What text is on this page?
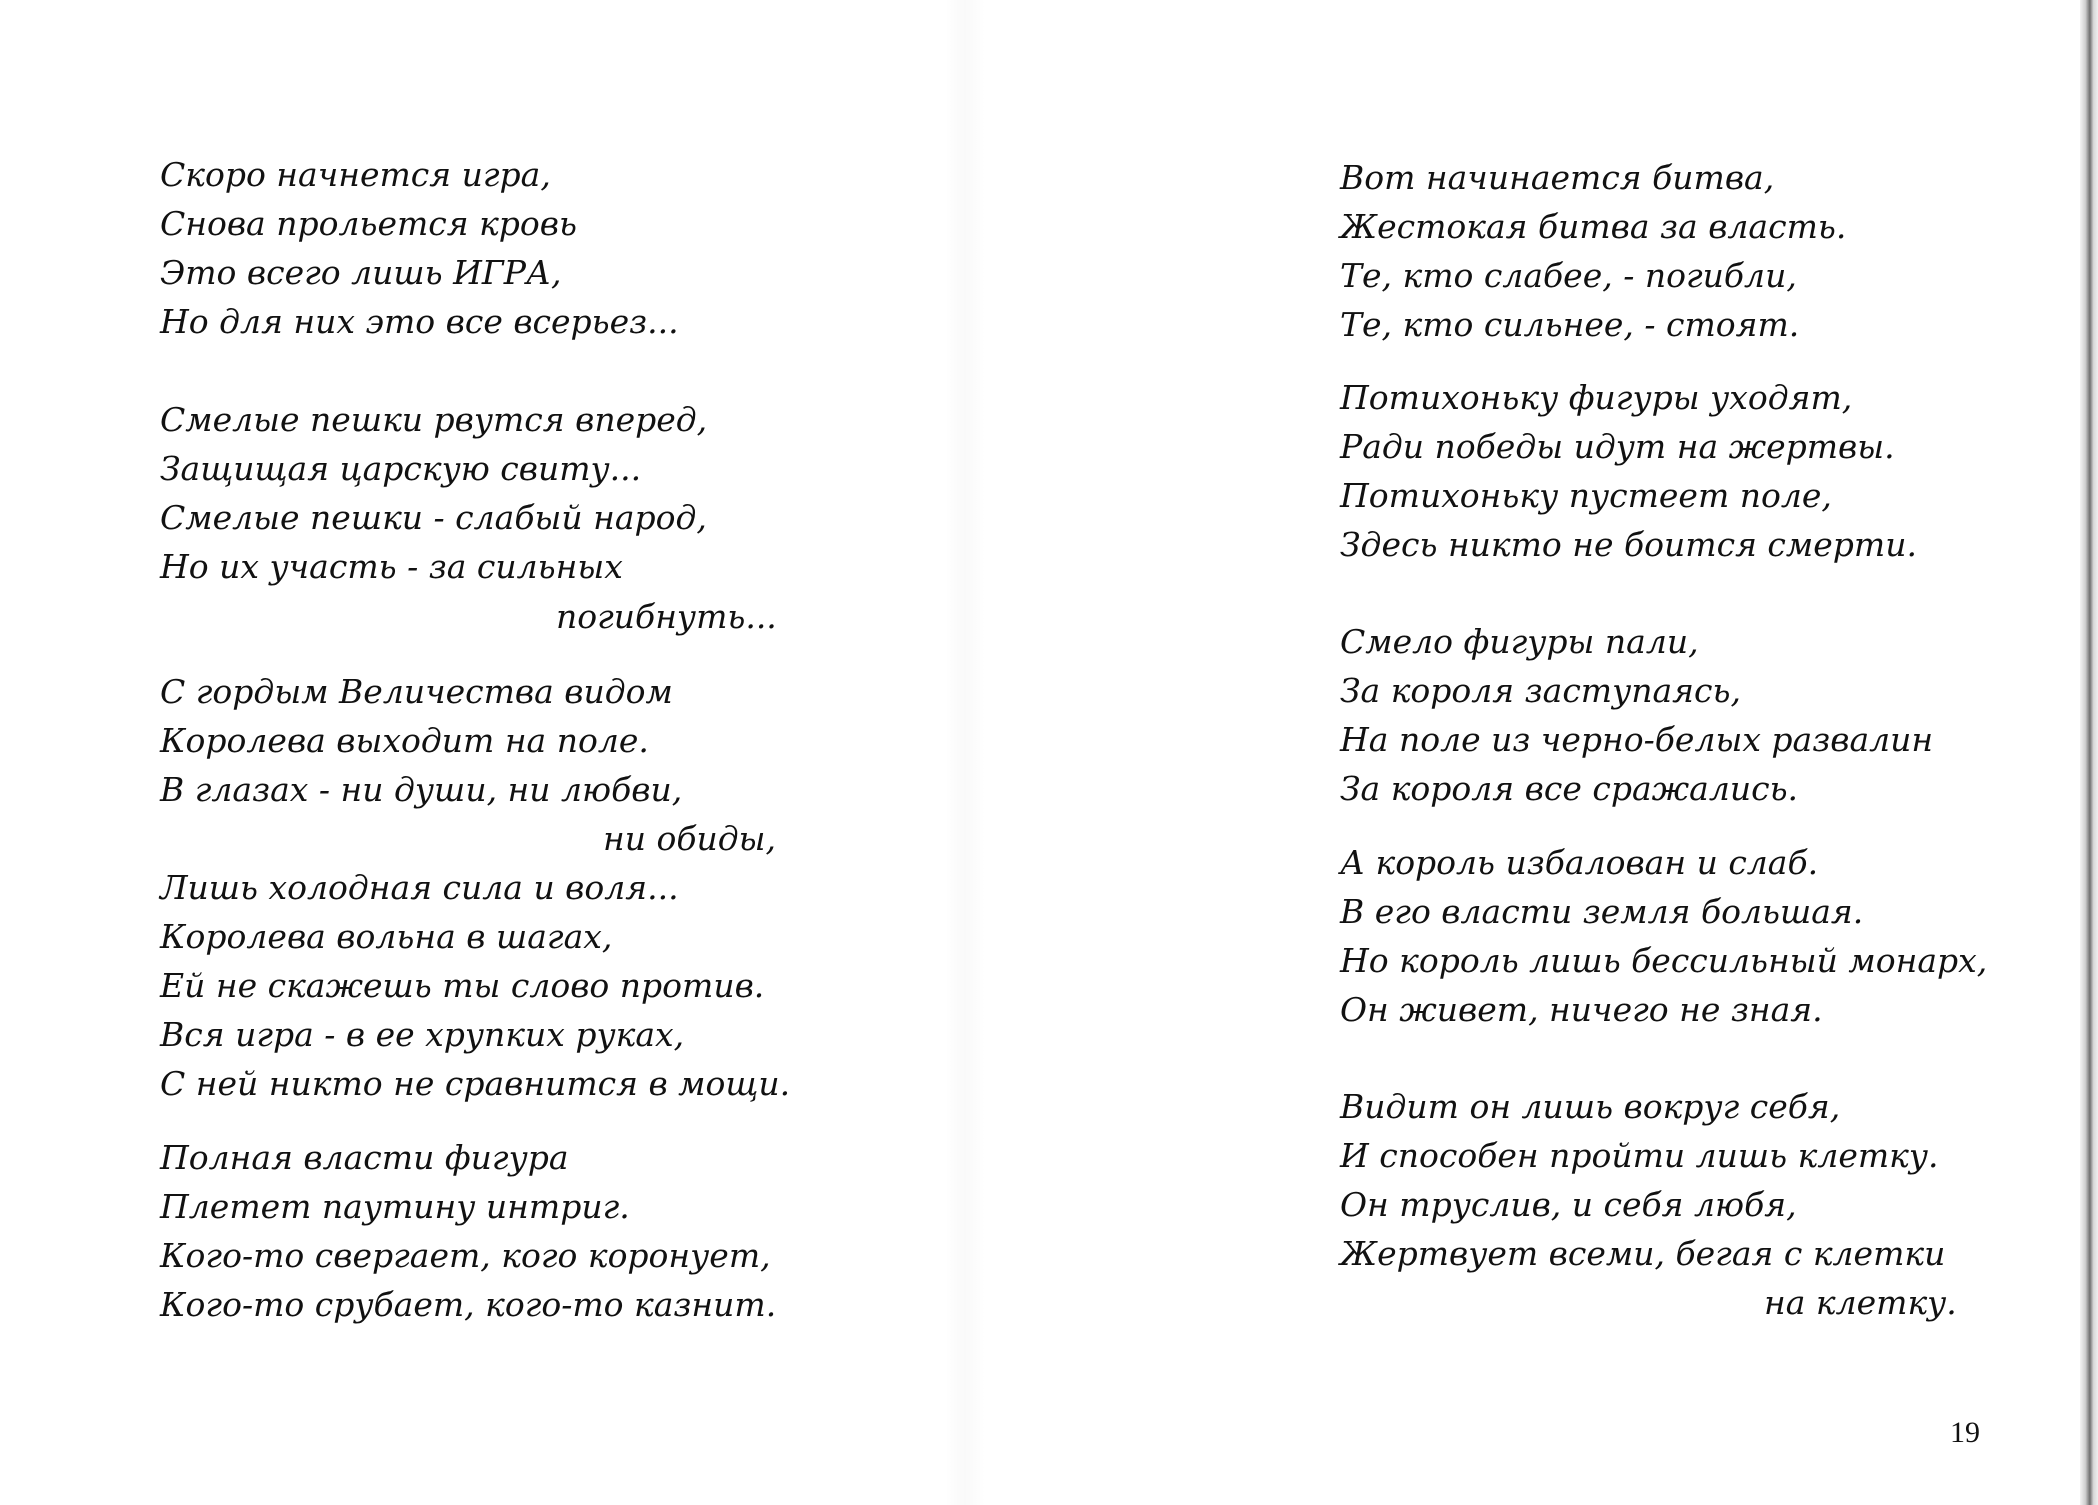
Скоро начнется игра,
Снова прольется кровь
Это всего лишь ИГРА,
Но для них это все всерьез...
Смелые пешки рвутся вперед,
Защищая царскую свиту...
Смелые пешки - слабый народ,
Но их участь - за сильных
погибнуть...
С гордым Величества видом
Королева выходит на поле.
В глазах - ни души, ни любви,
ни обиды,
Лишь холодная сила и воля...
Королева вольна в шагах,
Ей не скажешь ты слово против.
Вся игра - в ее хрупких руках,
С ней никто не сравнится в мощи.
Полная власти фигура
Плетет паутину интриг.
Кого-то свергает, кого коронует,
Кого-то срубает, кого-то казнит.
Вот начинается битва,
Жестокая битва за власть.
Те, кто слабее, - погибли,
Те, кто сильнее, - стоят.
Потихоньку фигуры уходят,
Ради победы идут на жертвы.
Потихоньку пустеет поле,
Здесь никто не боится смерти.
Смело фигуры пали,
За короля заступаясь,
На поле из черно-белых развалин
За короля все сражались.
А король избалован и слаб.
В его власти земля большая.
Но король лишь бессильный монарх,
Он живет, ничего не зная.
Видит он лишь вокруг себя,
И способен пройти лишь клетку.
Он труслив, и себя любя,
Жертвует всеми, бегая с клетки
на клетку.
19
